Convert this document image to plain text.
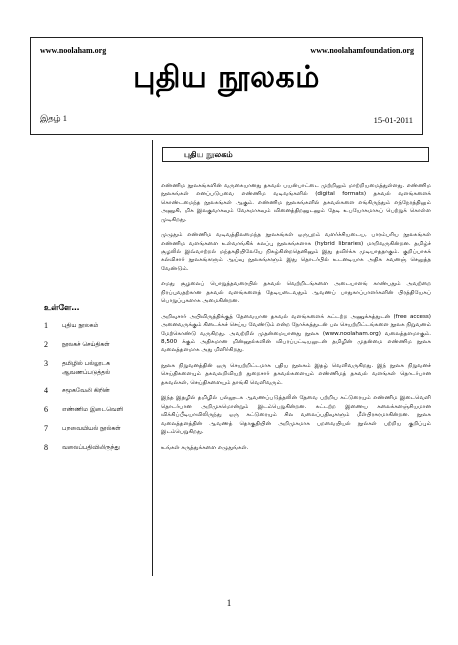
www.noolaham.org	www.noolahamfoundation.org
புதிய நூலகம்
இதழ் 1	15-01-2011
புதிய நூலகம்
உள்ளே…
1 புதிய நூலகம்
2 நூலகச் செய்திகள்
3 தமிழில் பல்லூடக ஆவணப்படுத்தல்
4 சமூகவேலி கிறின்
6 எண்ணிம இடைவெளி
7 பறவையியல் நூல்கள்
8 வலைப்பதிவிலிருந்து

எண்ணிம நூலகங்களின் வருகையானது தகவல் பயன்பாட்டை முற்றிலும் மாற்றியமைத்துள்ளது. எண்ணிம நூலகங்கள் எனப்படுபவை எண்ணிம வடிவங்களில் (digital formats) தகவல் வளங்களைக் கொண்டமைந்த நூலகங்கள் ஆகும். எண்ணிம நூலகங்களில் தகவல்களை எங்கிருந்தும் எந்நேரத்திலும் அணுகி, மிக இலகுவாகவும் வேகமாகவும் வினைத்திறனுடனும் தேடி உபயோகமாகப் பெற்றுக் கொள்ள முடிகிறது.

முழுதும் எண்ணிம வடிவத்திலமைந்த நூலகங்கள் ஒருபுறம் வளர்ச்சியடைய, பாரம்பரிய நூலகங்கள் எண்ணிம வளங்களை உள்வாங்கிக் கலப்பு நூலகங்களாக (hybrid libraries) மாறிவருகின்றன. தமிழ்ச் சூழலில் இவ்வாற்றல் மந்தகதியிலேயே நிகழ்கின்றதெனினும் இது தவிர்க்க முடியாததாகும். குறிப்பாகக் கல்விசார் நூலகங்களும் ஆய்வு நூலகங்களும் இது தொடர்பில் உடனடியாக அதிக கவனஞ் செலுத்த வேண்டும்.

எமது சூழலைப் பொறுத்தவரையில் தகவல் வெற்றிடங்களை அடையாளங் காண்பதும் அவற்றை நிரப்புவதற்கான தகவல் வளங்களைத் தேடியடைவதும் ஆவணப் பாதுகாப்பாளர்களின் பிரத்தியேகப் பொறுப்புகளாக அமைகின்றன.

அறிவுசார் அபிவிருத்திக்குத் தேவையான தகவல் வளங்களைக் கட்டற்ற அணுக்கத்துடன் (free access) அனைவருக்கும் கிடைக்கச் செய்ய வேண்டும் என்ற நோக்கத்துடன் பல செயற்றிட்டங்களை நூலக நிறுவனம் மேற்கொண்டு வருகிறது. அவற்றில் முதன்மையானது நூலக (www.noolaham.org) வலைத்தளமாகும். 8,500 க்கும் அதிகமான மின்னூல்களின் விபரப்பட்டியலுடன் தமிழின் முதன்மை எண்ணிம நூலக வலைத்தளமாக அது மிளிர்கிறது.

நூலக நிறுவனத்தின் ஒரு செயற்றிட்டமாக புதிய நூலகம் இதழ் வெளிவருகிறது. இந் நூலக நிறுவனச் செய்திகளையும் தகவலறிவியற் துறைசார் தகவல்களையும் எண்ணிமத் தகவல் வளங்கள் தொடர்பான தகவல்கள், செய்திகளையும் தாங்கி வெளிவரும்.

இந்த இதழில் தமிழில் பல்லூடக ஆவணப்படுத்தலின் தேவை பற்றிய கட்டுரையும் எண்ணிம இடைவெளி தொடர்பான அறிமுகமொன்றும் இடம்பெறுகின்றன. கட்டற்ற இணைய கலைக்களஞ்சியமான விக்கிப்பீடியாவிலிருந்து ஒரு கட்டுரையும் சில வலைப்பதிவுகளும் மீள்பிரசுரமாகின்றன. நூலக வலைத்தளத்தின் ஆவணத் தொகுதியின் அறிமுகமாக பறவையியல் நூல்கள் பற்றிய குறிப்பும் இடம்பெறுகிறது.

உங்கள் கருத்துக்களை எழுதுங்கள்.

1
